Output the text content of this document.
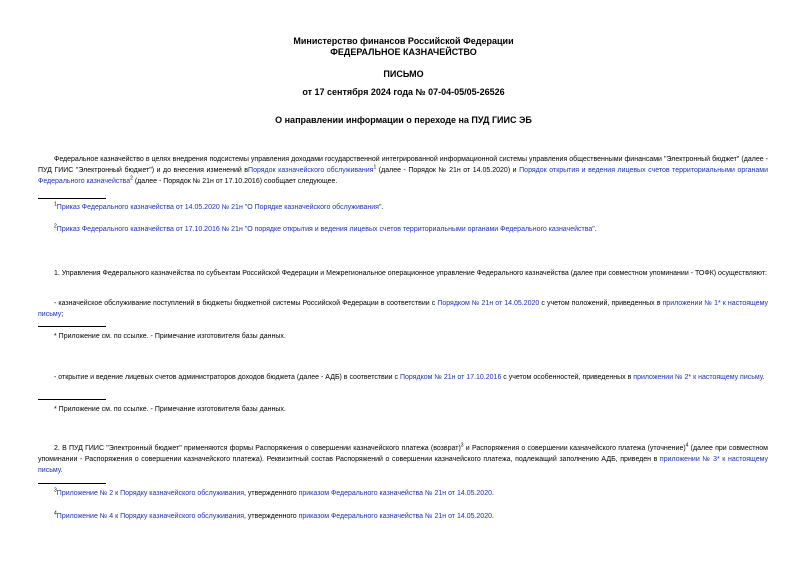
Министерство финансов Российской Федерации
ФЕДЕРАЛЬНОЕ КАЗНАЧЕЙСТВО
ПИСЬМО
от 17 сентября 2024 года № 07-04-05/05-26526
О направлении информации о переходе на ПУД ГИИС ЭБ
Федеральное казначейство в целях внедрения подсистемы управления доходами государственной интегрированной информационной системы управления общественными финансами "Электронный бюджет" (далее - ПУД ГИИС "Электронный бюджет") и до внесения изменений вПорядок казначейского обслуживания$^1$ (далее - Порядок № 21н от 14.05.2020) и Порядок открытия и ведения лицевых счетов территориальными органами Федерального казначейства$^2$ (далее - Порядок № 21н от 17.10.2016) сообщает следующее.
$^1$Приказ Федерального казначейства от 14.05.2020 № 21н "О Порядке казначейского обслуживания".
$^2$Приказ Федерального казначейства от 17.10.2016 № 21н "О порядке открытия и ведения лицевых счетов территориальными органами Федерального казначейства".
1. Управления Федерального казначейства по субъектам Российской Федерации и Межрегиональное операционное управление Федерального казначейства (далее при совместном упоминании - ТОФК) осуществляют:
- казначейское обслуживание поступлений в бюджеты бюджетной системы Российской Федерации в соответствии с Порядком № 21н от 14.05.2020 с учетом положений, приведенных в приложении № 1* к настоящему письму;
* Приложение см. по ссылке. - Примечание изготовителя базы данных.
- открытие и ведение лицевых счетов администраторов доходов бюджета (далее - АДБ) в соответствии с Порядком № 21н от 17.10.2016 с учетом особенностей, приведенных в приложении № 2* к настоящему письму.
* Приложение см. по ссылке. - Примечание изготовителя базы данных.
2. В ПУД ГИИС "Электронный бюджет" применяются формы Распоряжения о совершении казначейского платежа (возврат)$^3$ и Распоряжения о совершении казначейского платежа (уточнение)$^4$ (далее при совместном упоминании - Распоряжения о совершении казначейского платежа). Реквизитный состав Распоряжений о совершении казначейского платежа, подлежащий заполнению АДБ, приведен в приложении № 3* к настоящему письму.
$^3$Приложение № 2 к Порядку казначейского обслуживания, утвержденного приказом Федерального казначейства № 21н от 14.05.2020.
$^4$Приложение № 4 к Порядку казначейского обслуживания, утвержденного приказом Федерального казначейства № 21н от 14.05.2020.
